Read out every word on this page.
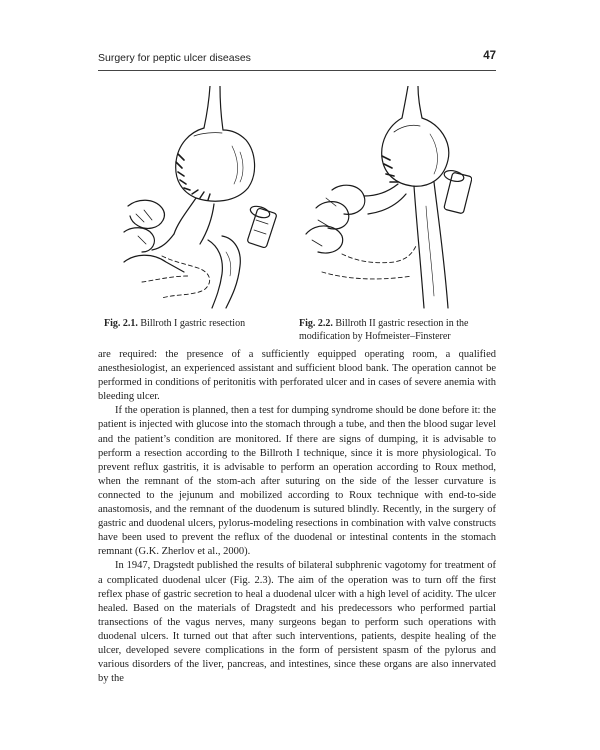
Surgery for peptic ulcer diseases	47
Fig. 2.1. Billroth I gastric resection	Fig. 2.2. Billroth II gastric resection in the modification by Hofmeister–Finsterer

are required: the presence of a sufficiently equipped operating room, a qualified anesthesiologist, an experienced assistant and sufficient blood bank. The operation cannot be performed in conditions of peritonitis with perforated ulcer and in cases of severe anemia with bleeding ulcer.

If the operation is planned, then a test for dumping syndrome should be done before it: the patient is injected with glucose into the stomach through a tube, and then the blood sugar level and the patient’s condition are monitored. If there are signs of dumping, it is advisable to perform a resection according to the Billroth I technique, since it is more physiological. To prevent reflux gastritis, it is advisable to perform an operation according to Roux method, when the remnant of the stom-ach after suturing on the side of the lesser curvature is connected to the jejunum and mobilized according to Roux technique with end-to-side anastomosis, and the remnant of the duodenum is sutured blindly. Recently, in the surgery of gastric and duodenal ulcers, pylorus-modeling resections in combination with valve constructs have been used to prevent the reflux of the duodenal or intestinal contents in the stomach remnant (G.K. Zherlov et al., 2000).

In 1947, Dragstedt published the results of bilateral subphrenic vagotomy for treatment of a complicated duodenal ulcer (Fig. 2.3). The aim of the operation was to turn off the first reflex phase of gastric secretion to heal a duodenal ulcer with a high level of acidity. The ulcer healed. Based on the materials of Dragstedt and his predecessors who performed partial transections of the vagus nerves, many surgeons began to perform such operations with duodenal ulcers. It turned out that after such interventions, patients, despite healing of the ulcer, developed severe complications in the form of persistent spasm of the pylorus and various disorders of the liver, pancreas, and intestines, since these organs are also innervated by the
